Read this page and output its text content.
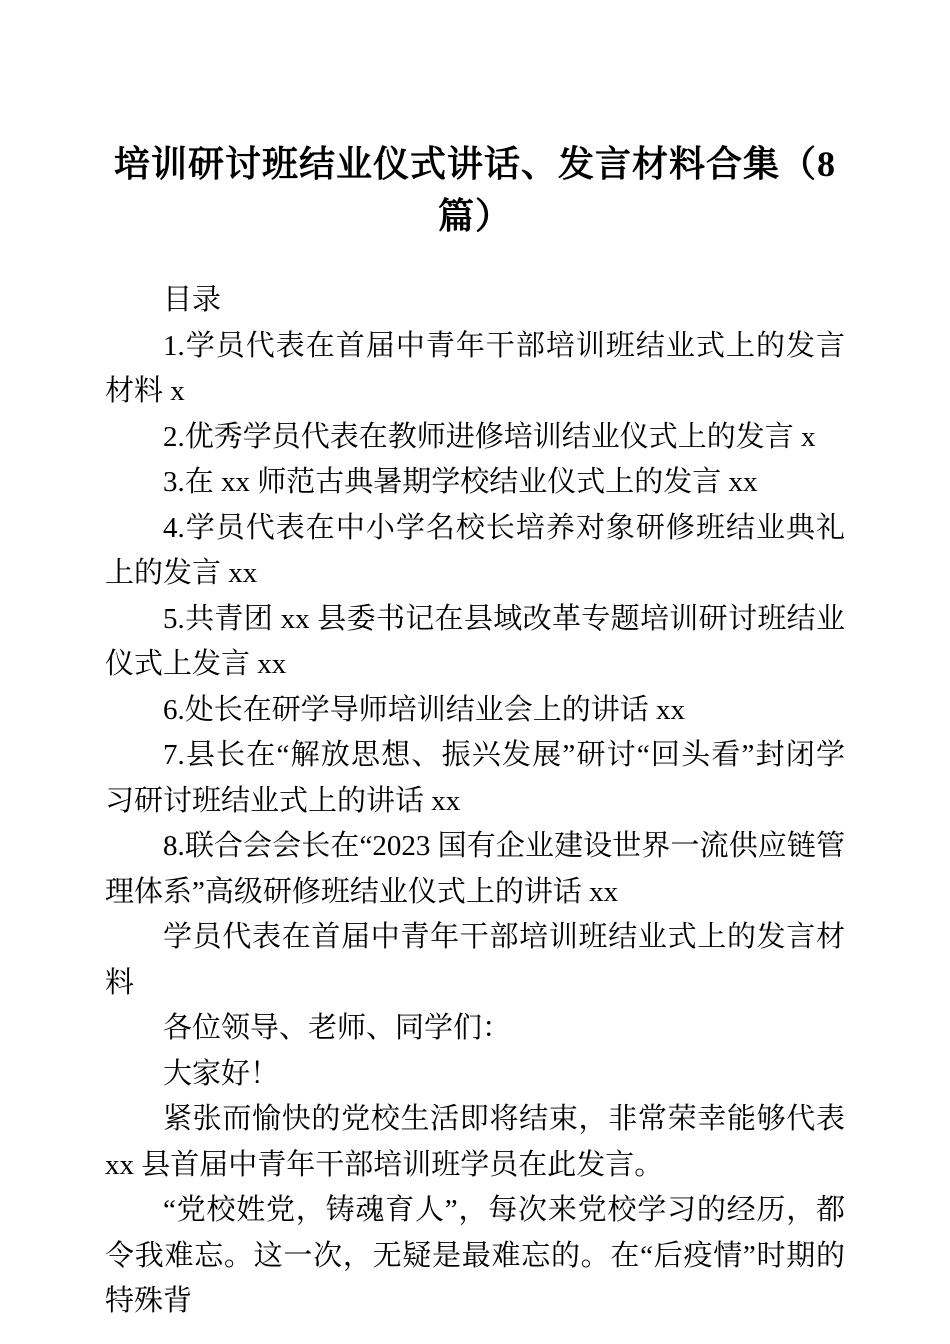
培训研讨班结业仪式讲话、发言材料合集（8篇）

目录

1.学员代表在首届中青年干部培训班结业式上的发言材料 x

2.优秀学员代表在教师进修培训结业仪式上的发言 x

3.在 xx 师范古典暑期学校结业仪式上的发言 xx

4.学员代表在中小学名校长培养对象研修班结业典礼上的发言 xx

5.共青团 xx 县委书记在县域改革专题培训研讨班结业仪式上发言 xx

6.处长在研学导师培训结业会上的讲话 xx

7.县长在“解放思想、振兴发展”研讨“回头看”封闭学习研讨班结业式上的讲话 xx

8.联合会会长在“2023 国有企业建设世界一流供应链管理体系”高级研修班结业仪式上的讲话 xx

学员代表在首届中青年干部培训班结业式上的发言材料

各位领导、老师、同学们：

大家好！

紧张而愉快的党校生活即将结束，非常荣幸能够代表 xx 县首届中青年干部培训班学员在此发言。

“党校姓党，铸魂育人”，每次来党校学习的经历，都令我难忘。这一次，无疑是最难忘的。在“后疫情”时期的特殊背
